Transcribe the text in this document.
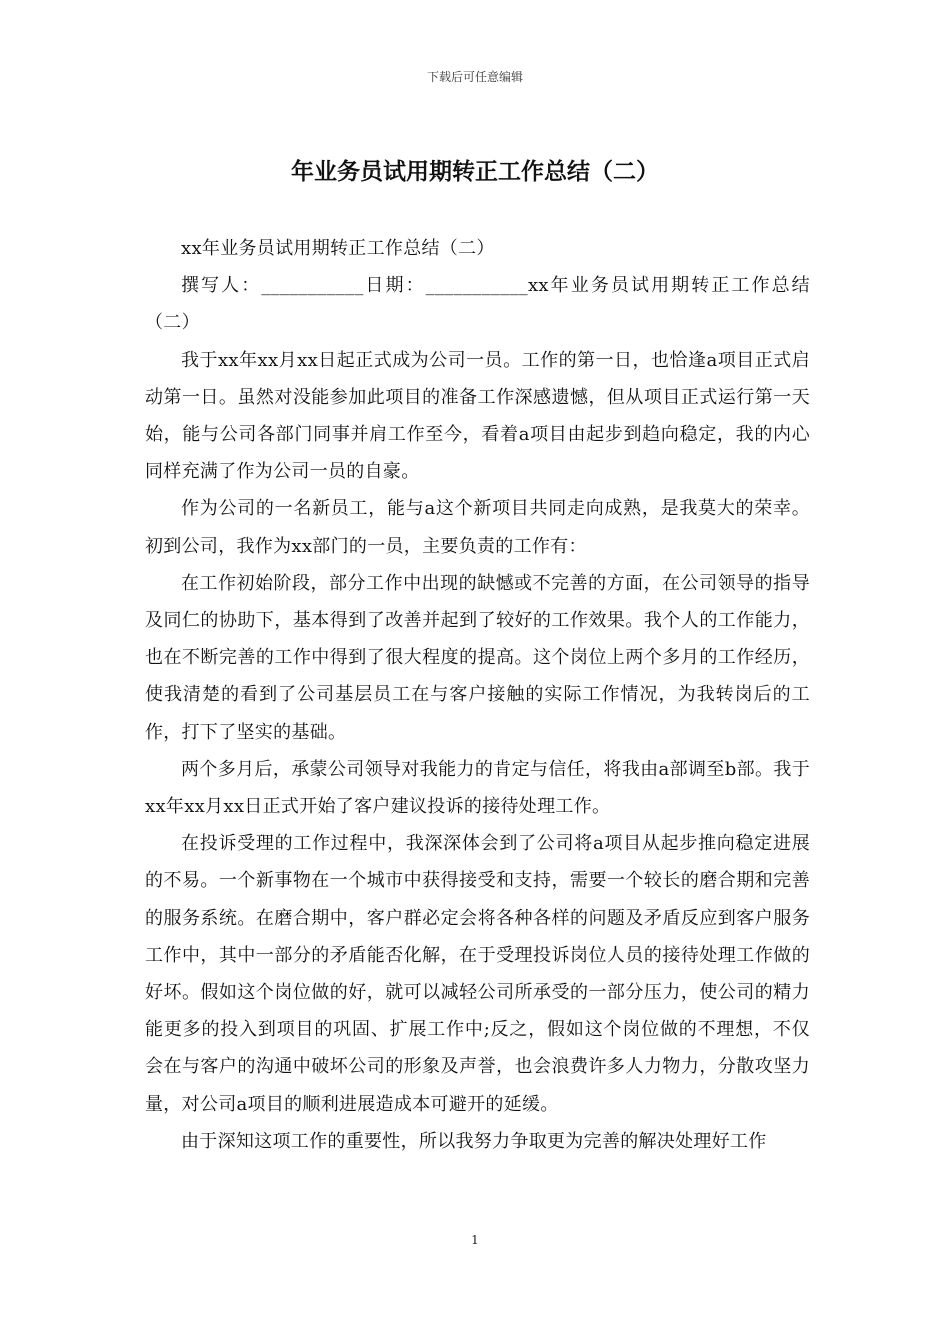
下载后可任意编辑
年业务员试用期转正工作总结（二）

xx年业务员试用期转正工作总结（二）

撰写人：___________日期：___________xx年业务员试用期转正工作总结（二）

我于xx年xx月xx日起正式成为公司一员。工作的第一日，也恰逢a项目正式启动第一日。虽然对没能参加此项目的准备工作深感遗憾，但从项目正式运行第一天始，能与公司各部门同事并肩工作至今，看着a项目由起步到趋向稳定，我的内心同样充满了作为公司一员的自豪。

作为公司的一名新员工，能与a这个新项目共同走向成熟，是我莫大的荣幸。初到公司，我作为xx部门的一员，主要负责的工作有：

在工作初始阶段，部分工作中出现的缺憾或不完善的方面，在公司领导的指导及同仁的协助下，基本得到了改善并起到了较好的工作效果。我个人的工作能力，也在不断完善的工作中得到了很大程度的提高。这个岗位上两个多月的工作经历，使我清楚的看到了公司基层员工在与客户接触的实际工作情况，为我转岗后的工作，打下了坚实的基础。

两个多月后，承蒙公司领导对我能力的肯定与信任，将我由a部调至b部。我于xx年xx月xx日正式开始了客户建议投诉的接待处理工作。

在投诉受理的工作过程中，我深深体会到了公司将a项目从起步推向稳定进展的不易。一个新事物在一个城市中获得接受和支持，需要一个较长的磨合期和完善的服务系统。在磨合期中，客户群必定会将各种各样的问题及矛盾反应到客户服务工作中，其中一部分的矛盾能否化解，在于受理投诉岗位人员的接待处理工作做的好坏。假如这个岗位做的好，就可以减轻公司所承受的一部分压力，使公司的精力能更多的投入到项目的巩固、扩展工作中;反之，假如这个岗位做的不理想，不仅会在与客户的沟通中破坏公司的形象及声誉，也会浪费许多人力物力，分散攻坚力量，对公司a项目的顺利进展造成本可避开的延缓。

由于深知这项工作的重要性，所以我努力争取更为完善的解决处理好工作

1
